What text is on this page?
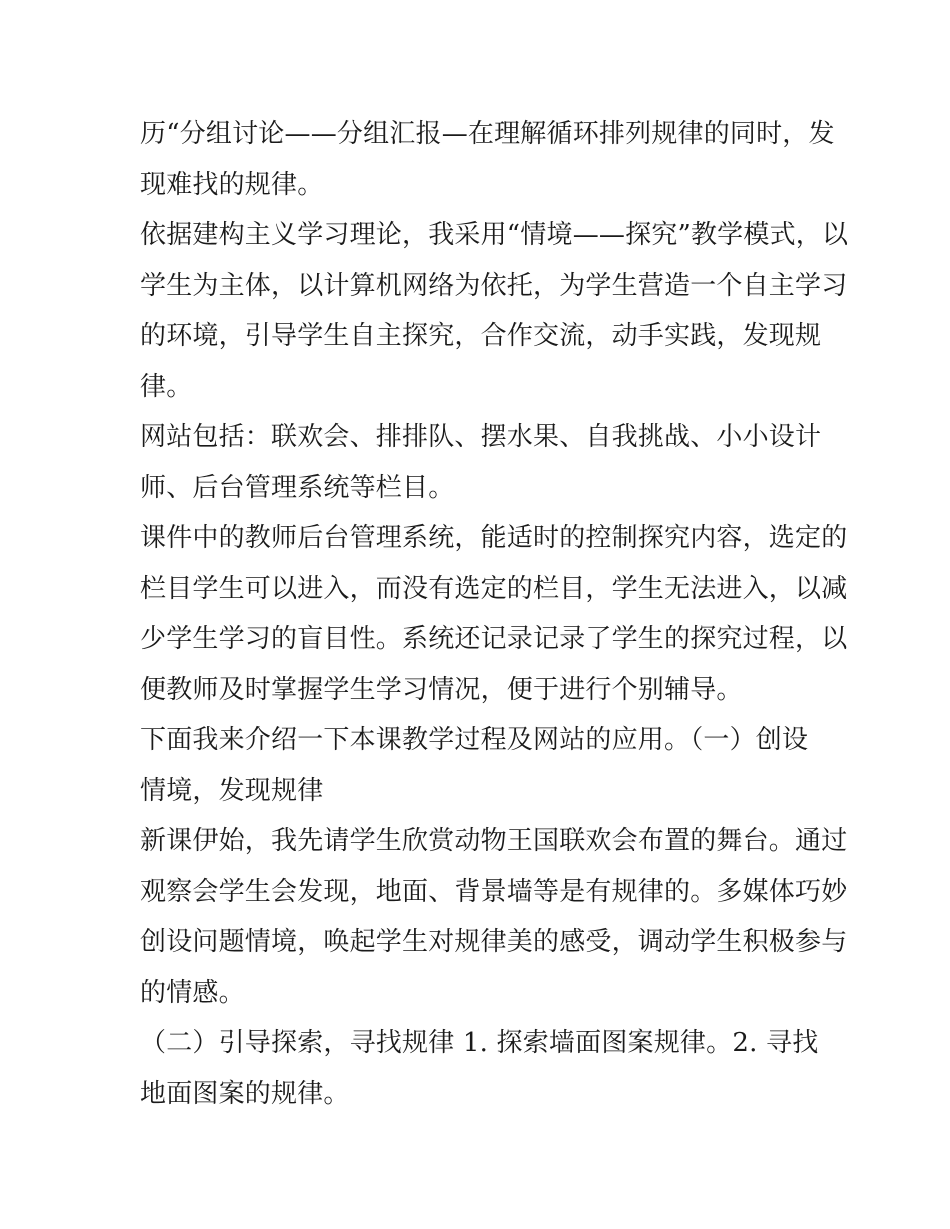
历“分组讨论——分组汇报—在理解循环排列规律的同时，发
现难找的规律。
依据建构主义学习理论，我采用“情境——探究”教学模式，以
学生为主体，以计算机网络为依托，为学生营造一个自主学习
的环境，引导学生自主探究，合作交流，动手实践，发现规
律。
网站包括：联欢会、排排队、摆水果、自我挑战、小小设计
师、后台管理系统等栏目。
课件中的教师后台管理系统，能适时的控制探究内容，选定的
栏目学生可以进入，而没有选定的栏目，学生无法进入，以减
少学生学习的盲目性。系统还记录记录了学生的探究过程，以
便教师及时掌握学生学习情况，便于进行个别辅导。
下面我来介绍一下本课教学过程及网站的应用。（一）创设
情境，发现规律
新课伊始，我先请学生欣赏动物王国联欢会布置的舞台。通过
观察会学生会发现，地面、背景墙等是有规律的。多媒体巧妙
创设问题情境，唤起学生对规律美的感受，调动学生积极参与
的情感。
（二）引导探索，寻找规律 1. 探索墙面图案规律。2. 寻找
地面图案的规律。
